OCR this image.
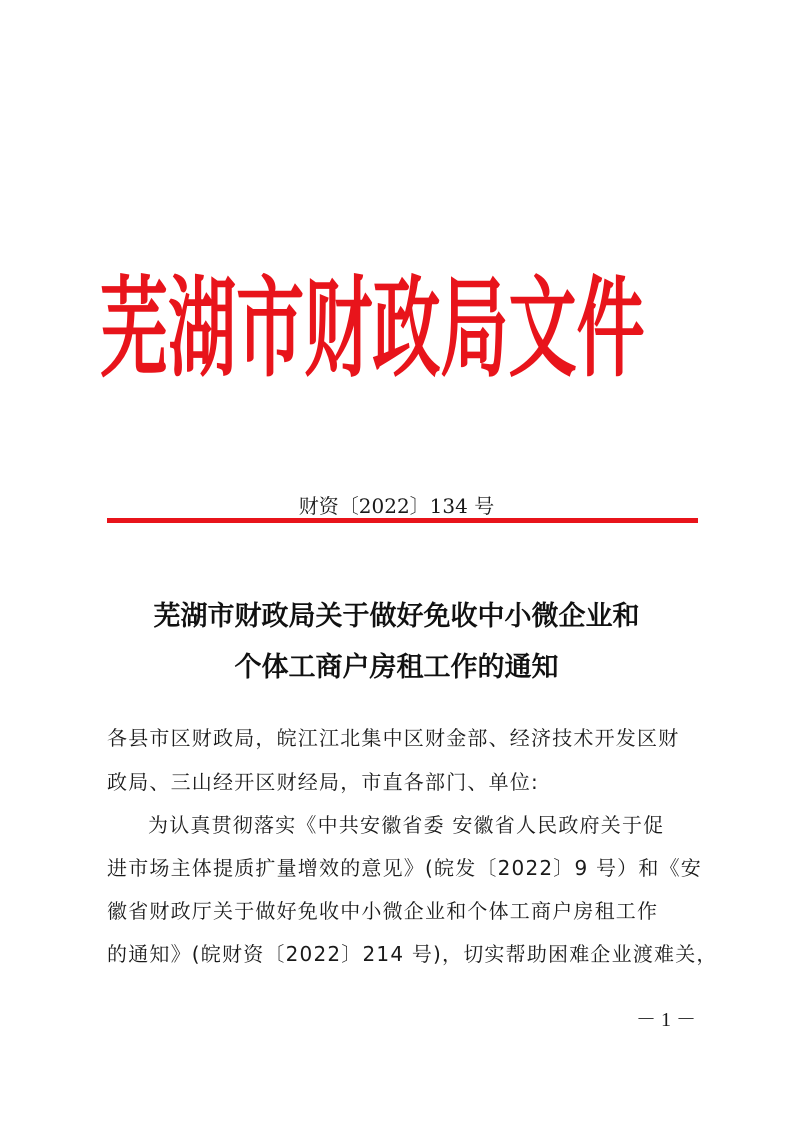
芜湖市财政局文件
财资〔2022〕134 号
芜湖市财政局关于做好免收中小微企业和
个体工商户房租工作的通知
各县市区财政局，皖江江北集中区财金部、经济技术开发区财
政局、三山经开区财经局，市直各部门、单位:
为认真贯彻落实《中共安徽省委 安徽省人民政府关于促
进市场主体提质扩量增效的意见》(皖发〔2022〕9 号）和《安
徽省财政厅关于做好免收中小微企业和个体工商户房租工作
的通知》(皖财资〔2022〕214 号)，切实帮助困难企业渡难关，
－ 1 －
